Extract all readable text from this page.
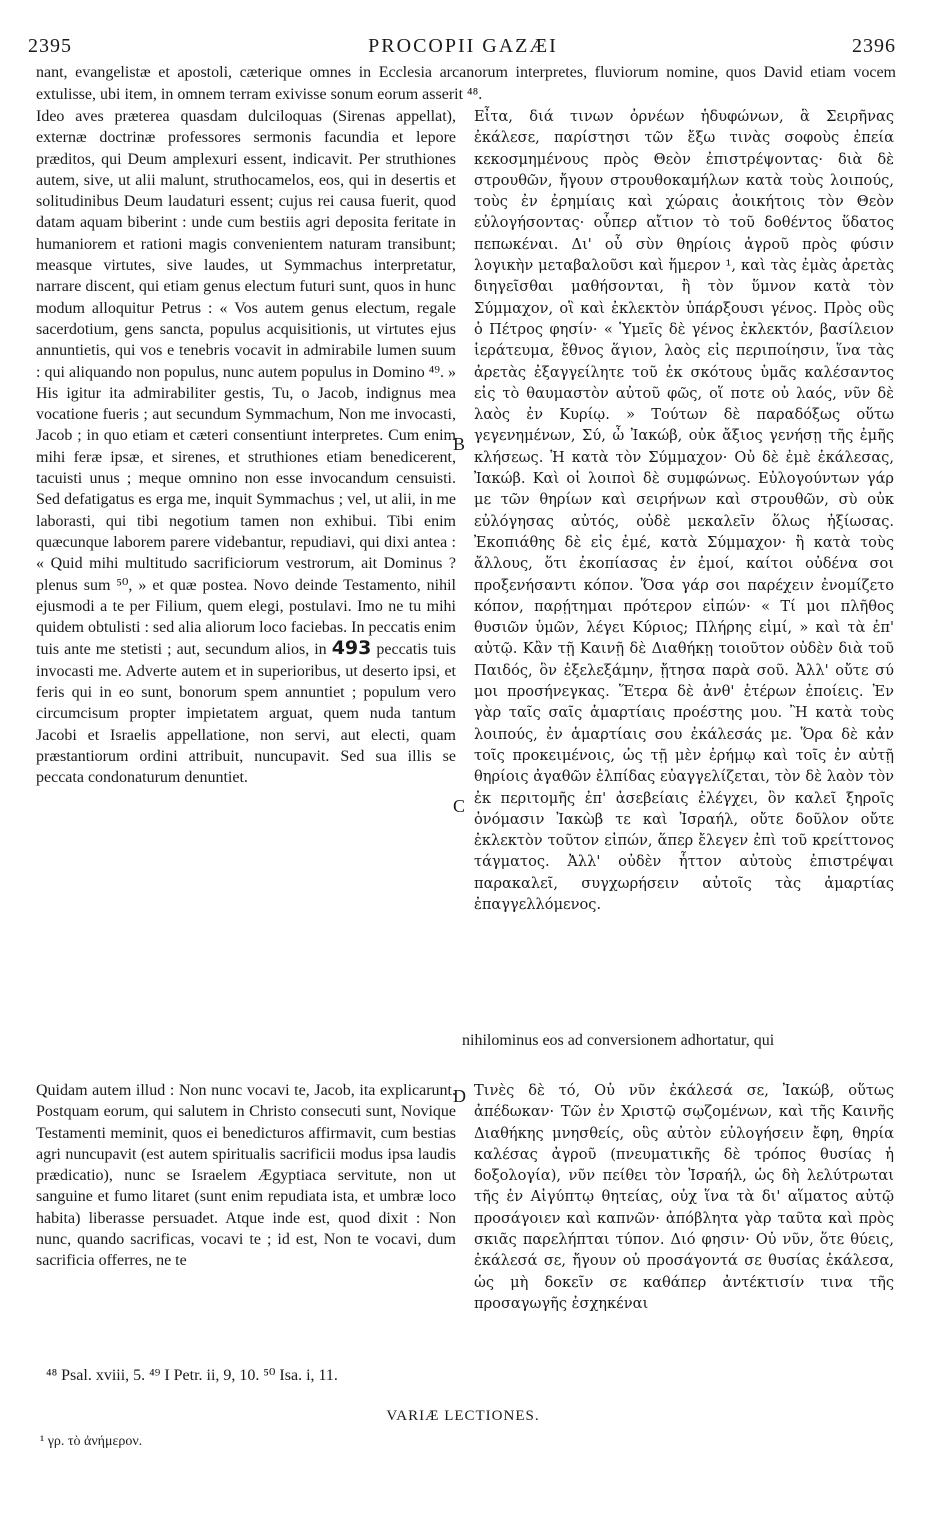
2395	PROCOPII GAZÆI	2396
nant, evangelistæ et apostoli, cæterique omnes in Ecclesia arcanorum interpretes, fluviorum nomine, quos David etiam vocem extulisse, ubi item, in omnem terram exivisse sonum eorum asserit ⁴⁸.
Ideo aves præterea quasdam dulciloquas (Sirenas appellat), externæ doctrinæ professores sermonis facundia et lepore præditos, qui Deum amplexuri essent, indicavit. Per struthiones autem, sive, ut alii malunt, struthocamelos, eos, qui in desertis et solitudinibus Deum laudaturi essent; cujus rei causa fuerit, quod datam aquam biberint : unde cum bestiis agri deposita feritate in humaniorem et rationi magis convenientem naturam transibunt; measque virtutes, sive laudes, ut Symmachus interpretatur, narrare discent, qui etiam genus electum futuri sunt, quos in hunc modum alloquitur Petrus : « Vos autem genus electum, regale sacerdotium, gens sancta, populus acquisitionis, ut virtutes ejus annuntietis, qui vos e tenebris vocavit in admirabile lumen suum : qui aliquando non populus, nunc autem populus in Domino ⁴⁹. » His igitur ita admirabiliter gestis, Tu, o Jacob, indignus mea vocatione fueris ; aut secundum Symmachum, Non me invocasti, Jacob ; in quo etiam et cæteri consentiunt interpretes. Cum enim mihi feræ ipsæ, et sirenes, et struthiones etiam benedicerent, tacuisti unus ; meque omnino non esse invocandum censuisti. Sed defatigatus es erga me, inquit Symmachus ; vel, ut alii, in me laborasti, qui tibi negotium tamen non exhibui. Tibi enim quæcunque laborem parere videbantur, repudiavi, qui dixi antea : « Quid mihi multitudo sacrificiorum vestrorum, ait Dominus ? plenus sum ⁵⁰, » et quæ postea. Novo deinde Testamento, nihil ejusmodi a te per Filium, quem elegi, postulavi. Imo ne tu mihi quidem obtulisti : sed alia aliorum loco faciebas. In peccatis enim tuis ante me stetisti ; aut, secundum alios, in 493 peccatis tuis invocasti me. Adverte autem et in superioribus, ut deserto ipsi, et feris qui in eo sunt, bonorum spem annuntiet ; populum vero circumcisum propter impietatem arguat, quem nuda tantum Jacobi et Israelis appellatione, non servi, aut electi, quam præstantiorum ordini attribuit, nuncupavit. Sed sua illis se peccata condonaturum denuntiet.
Εἶτα, διά τινων ὀρνέων ἡδυφώνων, ἃ Σειρῆνας ἐκάλεσε, παρίστησι τῶν ἔξω τινὰς σοφοὺς ἐπεία κεκοσμημένους πρὸς Θεὸν ἐπιστρέψοντας· διὰ δὲ στρουθῶν, ἤγουν στρουθοκαμήλων κατὰ τοὺς λοιπούς, τοὺς ἐν ἐρημίαις καὶ χώραις ἀοικήτοις τὸν Θεὸν εὐλογήσοντας· οὗπερ αἴτιον τὸ τοῦ δοθέντος ὕδατος πεπωκέναι. Δι' οὗ σὺν θηρίοις ἀγροῦ πρὸς φύσιν λογικὴν μεταβαλοῦσι καὶ ἥμερον ¹, καὶ τὰς ἐμὰς ἀρετὰς διηγεῖσθαι μαθήσονται, ἢ τὸν ὕμνον κατὰ τὸν Σύμμαχον, οἳ καὶ ἐκλεκτὸν ὑπάρξουσι γένος. Πρὸς οὓς ὁ Πέτρος φησίν· « Ὑμεῖς δὲ γένος ἐκλεκτόν, βασίλειον ἱεράτευμα, ἔθνος ἅγιον, λαὸς εἰς περιποίησιν, ἵνα τὰς ἀρετὰς ἐξαγγείλητε τοῦ ἐκ σκότους ὑμᾶς καλέσαντος εἰς τὸ θαυμαστὸν αὐτοῦ φῶς, οἵ ποτε οὐ λαός, νῦν δὲ λαὸς ἐν Κυρίῳ. » Τούτων δὲ παραδόξως οὕτω γεγενημένων, Σύ, ὦ Ἰακώβ, οὐκ ἄξιος γενήσῃ τῆς ἐμῆς κλήσεως. Ἡ κατὰ τὸν Σύμμαχον· Οὐ δὲ ἐμὲ ἐκάλεσας, Ἰακώβ. Καὶ οἱ λοιποὶ δὲ συμφώνως. Εὐλογούντων γάρ με τῶν θηρίων καὶ σειρήνων καὶ στρουθῶν, σὺ οὐκ εὐλόγησας αὐτός, οὐδὲ μεκαλεῖν ὅλως ἠξίωσας. Ἐκοπιάθης δὲ εἰς ἐμέ, κατὰ Σύμμαχον· ἢ κατὰ τοὺς ἄλλους, ὅτι ἐκοπίασας ἐν ἐμοί, καίτοι οὐδένα σοι προξενήσαντι κόπον. Ὅσα γάρ σοι παρέχειν ἐνομίζετο κόπον, παρῄτημαι πρότερον εἰπών· « Τί μοι πλῆθος θυσιῶν ὑμῶν, λέγει Κύριος; Πλήρης εἰμί, » καὶ τὰ ἐπ' αὐτῷ. Κἂν τῇ Καινῇ δὲ Διαθήκῃ τοιοῦτον οὐδὲν διὰ τοῦ Παιδός, ὃν ἐξελεξάμην, ᾔτησα παρὰ σοῦ. Ἀλλ' οὔτε σύ μοι προσήνεγκας. Ἕτερα δὲ ἀνθ' ἑτέρων ἐποίεις. Ἐν γὰρ ταῖς σαῖς ἁμαρτίαις προέστης μου. Ἢ κατὰ τοὺς λοιπούς, ἐν ἁμαρτίαις σου ἐκάλεσάς με. Ὅρα δὲ κἀν τοῖς προκειμένοις, ὡς τῇ μὲν ἐρήμῳ καὶ τοῖς ἐν αὐτῇ θηρίοις ἀγαθῶν ἐλπίδας εὐαγγελίζεται, τὸν δὲ λαὸν τὸν ἐκ περιτομῆς ἐπ' ἀσεβείαις ἐλέγχει, ὃν καλεῖ ξηροῖς ὀνόμασιν Ἰακὼβ τε καὶ Ἰσραήλ, οὔτε δοῦλον οὔτε ἐκλεκτὸν τοῦτον εἰπών, ἅπερ ἔλεγεν ἐπὶ τοῦ κρείττονος τάγματος. Ἀλλ' οὐδὲν ἧττον αὐτοὺς ἐπιστρέψαι παρακαλεῖ, συγχωρήσειν αὐτοῖς τὰς ἁμαρτίας ἐπαγγελλόμενος.
B
C
D
nihilominus eos ad conversionem adhortatur, qui
Quidam autem illud : Non nunc vocavi te, Jacob, ita explicarunt. Postquam eorum, qui salutem in Christo consecuti sunt, Novique Testamenti meminit, quos ei benedicturos affirmavit, cum bestias agri nuncupavit (est autem spiritualis sacrificii modus ipsa laudis prædicatio), nunc se Israelem Ægyptiaca servitute, non ut sanguine et fumo litaret (sunt enim repudiata ista, et umbræ loco habita) liberasse persuadet. Atque inde est, quod dixit : Non nunc, quando sacrificas, vocavi te ; id est, Non te vocavi, dum sacrificia offerres, ne te
Τινὲς δὲ τό, Οὐ νῦν ἐκάλεσά σε, Ἰακώβ, οὕτως ἀπέδωκαν· Τῶν ἐν Χριστῷ σῳζομένων, καὶ τῆς Καινῆς Διαθήκης μνησθείς, οὓς αὐτὸν εὐλογήσειν ἔφη, θηρία καλέσας ἀγροῦ (πνευματικῆς δὲ τρόπος θυσίας ἡ δοξολογία), νῦν πείθει τὸν Ἰσραήλ, ὡς δὴ λελύτρωται τῆς ἐν Αἰγύπτῳ θητείας, οὐχ ἵνα τὰ δι' αἵματος αὐτῷ προσάγοιεν καὶ καπνῶν· ἀπόβλητα γὰρ ταῦτα καὶ πρὸς σκιᾶς παρελήπται τύπον. Διό φησιν· Οὐ νῦν, ὅτε θύεις, ἐκάλεσά σε, ἤγουν οὐ προσάγοντά σε θυσίας ἐκάλεσα, ὡς μὴ δοκεῖν σε καθάπερ ἀντέκτισίν τινα τῆς προσαγωγῆς ἐσχηκέναι
⁴⁸ Psal. xviii, 5. ⁴⁹ I Petr. ii, 9, 10. ⁵⁰ Isa. i, 11.
VARIÆ LECTIONES.
¹ γρ. τὸ ἀνήμερον.
